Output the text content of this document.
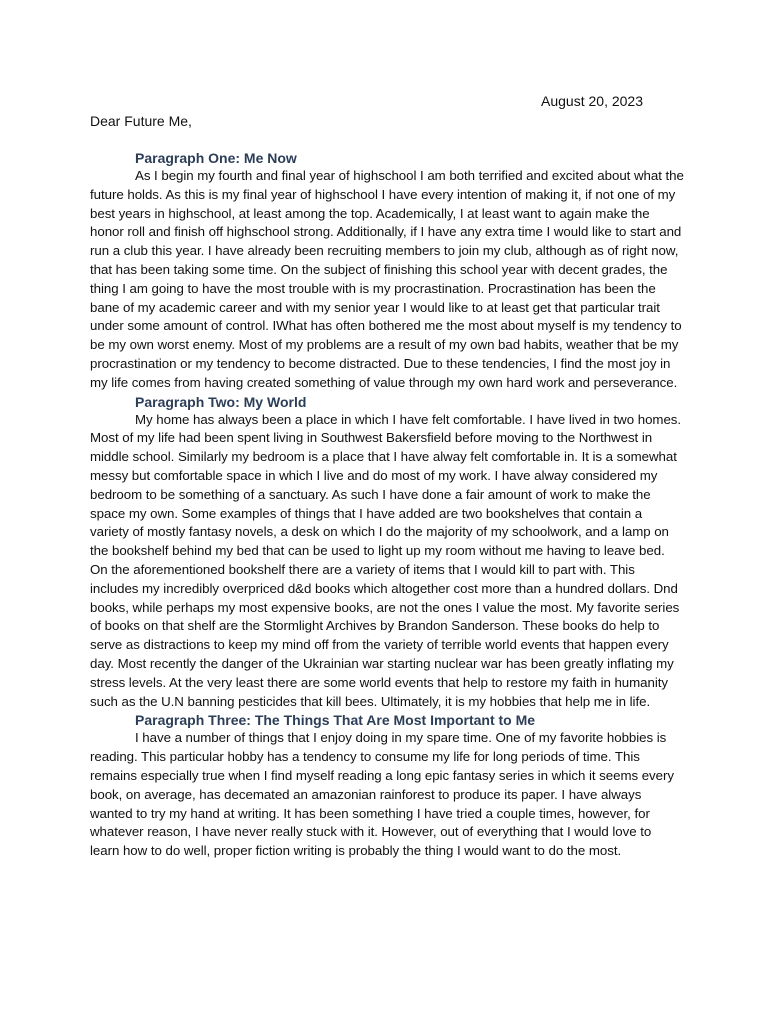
August 20, 2023
Dear Future Me,
Paragraph One: Me Now

As I begin my fourth and final year of highschool I am both terrified and excited about what the future holds. As this is my final year of highschool I have every intention of making it, if not one of my best years in highschool, at least among the top. Academically, I at least want to again make the honor roll and finish off highschool strong. Additionally, if I have any extra time I would like to start and run a club this year. I have already been recruiting members to join my club, although as of right now, that has been taking some time. On the subject of finishing this school year with decent grades, the thing I am going to have the most trouble with is my procrastination. Procrastination has been the bane of my academic career and with my senior year I would like to at least get that particular trait under some amount of control. IWhat has often bothered me the most about myself is my tendency to be my own worst enemy. Most of my problems are a result of my own bad habits, weather that be my procrastination or my tendency to become distracted. Due to these tendencies, I find the most joy in my life comes from having created something of value through my own hard work and perseverance.

Paragraph Two: My World

My home has always been a place in which I have felt comfortable. I have lived in two homes. Most of my life had been spent living in Southwest Bakersfield before moving to the Northwest in middle school. Similarly my bedroom is a place that I have alway felt comfortable in. It is a somewhat messy but comfortable space in which I live and do most of my work. I have alway considered my bedroom to be something of a sanctuary. As such I have done a fair amount of work to make the space my own. Some examples of things that I have added are two bookshelves that contain a variety of mostly fantasy novels, a desk on which I do the majority of my schoolwork, and a lamp on the bookshelf behind my bed that can be used to light up my room without me having to leave bed. On the aforementioned bookshelf there are a variety of items that I would kill to part with. This includes my incredibly overpriced d&d books which altogether cost more than a hundred dollars. Dnd books, while perhaps my most expensive books, are not the ones I value the most. My favorite series of books on that shelf are the Stormlight Archives by Brandon Sanderson. These books do help to serve as distractions to keep my mind off from the variety of terrible world events that happen every day. Most recently the danger of the Ukrainian war starting nuclear war has been greatly inflating my stress levels. At the very least there are some world events that help to restore my faith in humanity such as the U.N banning pesticides that kill bees. Ultimately, it is my hobbies that help me in life.

Paragraph Three: The Things That Are Most Important to Me

I have a number of things that I enjoy doing in my spare time. One of my favorite hobbies is reading. This particular hobby has a tendency to consume my life for long periods of time. This remains especially true when I find myself reading a long epic fantasy series in which it seems every book, on average, has decemated an amazonian rainforest to produce its paper. I have always wanted to try my hand at writing. It has been something I have tried a couple times, however, for whatever reason, I have never really stuck with it. However, out of everything that I would love to learn how to do well, proper fiction writing is probably the thing I would want to do the most.
